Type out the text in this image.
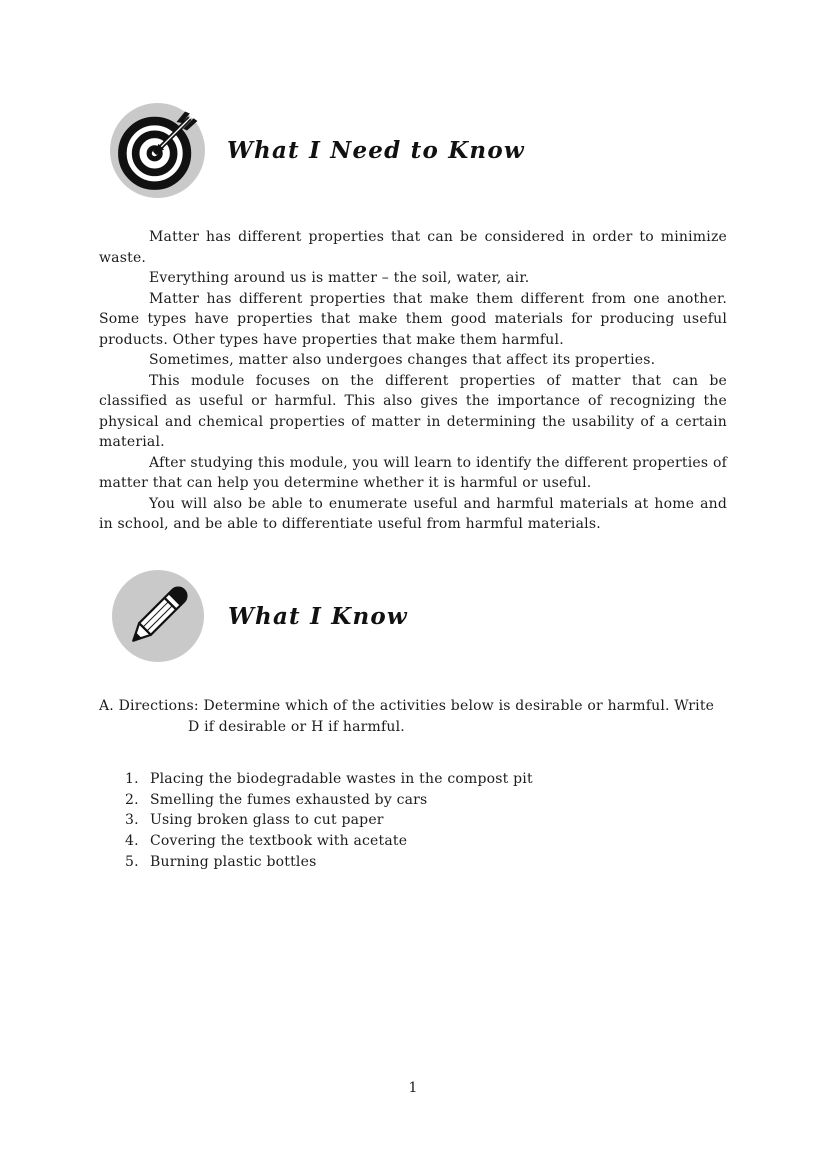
What I Need to Know

Matter has different properties that can be considered in order to minimize waste.

Everything around us is matter – the soil, water, air.

Matter has different properties that make them different from one another. Some types have properties that make them good materials for producing useful products. Other types have properties that make them harmful.

Sometimes, matter also undergoes changes that affect its properties.

This module focuses on the different properties of matter that can be classified as useful or harmful. This also gives the importance of recognizing the physical and chemical properties of matter in determining the usability of a certain material.

After studying this module, you will learn to identify the different properties of matter that can help you determine whether it is harmful or useful.

You will also be able to enumerate useful and harmful materials at home and in school, and be able to differentiate useful from harmful materials.

What I Know
A. Directions: Determine which of the activities below is desirable or harmful. Write
D if desirable or H if harmful.
1. Placing the biodegradable wastes in the compost pit
2. Smelling the fumes exhausted by cars
3. Using broken glass to cut paper
4. Covering the textbook with acetate
5. Burning plastic bottles
1
